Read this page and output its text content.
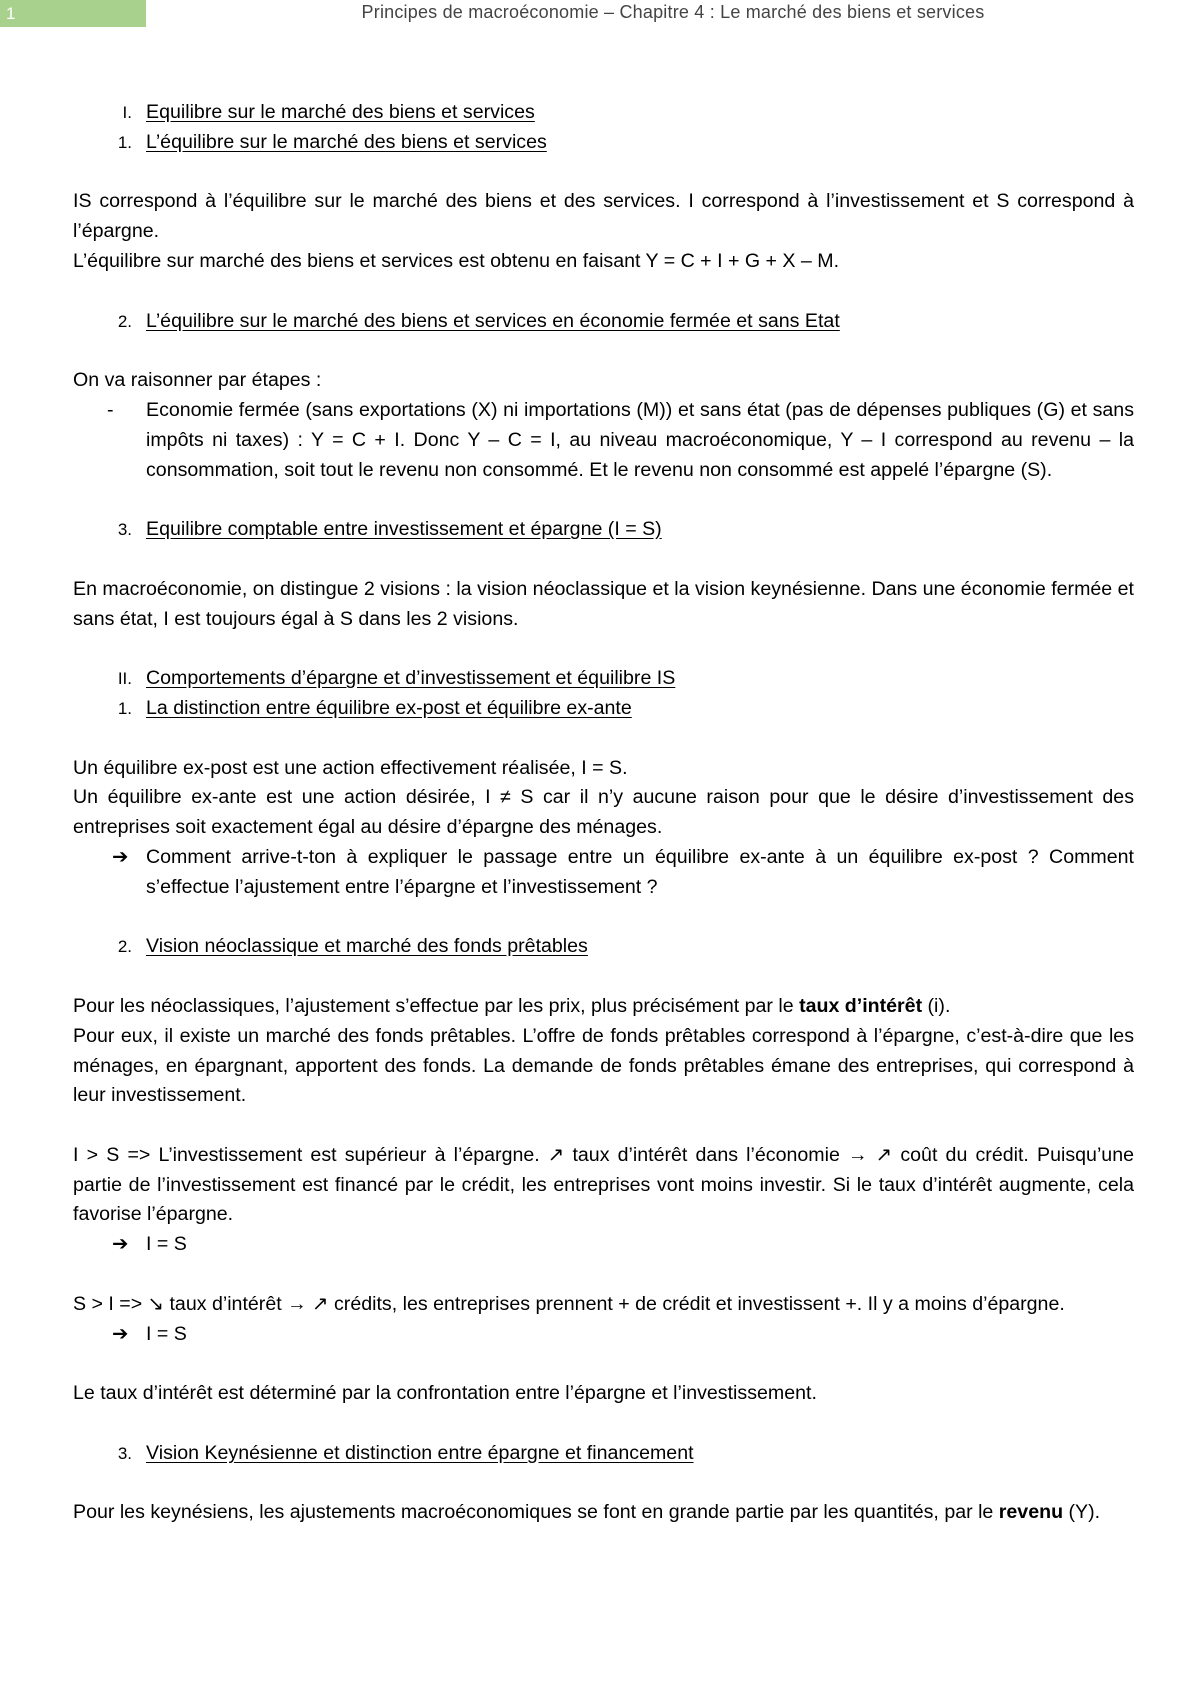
1	Principes de macroéconomie – Chapitre 4 : Le marché des biens et services
I. Equilibre sur le marché des biens et services
1. L’équilibre sur le marché des biens et services

IS correspond à l’équilibre sur le marché des biens et des services. I correspond à l’investissement et S correspond à l’épargne.

L’équilibre sur marché des biens et services est obtenu en faisant Y = C + I + G + X – M.

2. L’équilibre sur le marché des biens et services en économie fermée et sans Etat

On va raisonner par étapes :

- Economie fermée (sans exportations (X) ni importations (M)) et sans état (pas de dépenses publiques (G) et sans impôts ni taxes) : Y = C + I. Donc Y – C = I, au niveau macroéconomique, Y – I correspond au revenu – la consommation, soit tout le revenu non consommé. Et le revenu non consommé est appelé l’épargne (S).
3. Equilibre comptable entre investissement et épargne (I = S)

En macroéconomie, on distingue 2 visions : la vision néoclassique et la vision keynésienne. Dans une économie fermée et sans état, I est toujours égal à S dans les 2 visions.

II. Comportements d’épargne et d’investissement et équilibre IS
1. La distinction entre équilibre ex-post et équilibre ex-ante

Un équilibre ex-post est une action effectivement réalisée, I = S.

Un équilibre ex-ante est une action désirée, I ≠ S car il n’y aucune raison pour que le désire d’investissement des entreprises soit exactement égal au désire d’épargne des ménages.

➔ Comment arrive-t-ton à expliquer le passage entre un équilibre ex-ante à un équilibre ex-post ? Comment s’effectue l’ajustement entre l’épargne et l’investissement ?
2. Vision néoclassique et marché des fonds prêtables

Pour les néoclassiques, l’ajustement s’effectue par les prix, plus précisément par le taux d’intérêt (i).

Pour eux, il existe un marché des fonds prêtables. L’offre de fonds prêtables correspond à l’épargne, c’est-à-dire que les ménages, en épargnant, apportent des fonds. La demande de fonds prêtables émane des entreprises, qui correspond à leur investissement.

I > S => L’investissement est supérieur à l’épargne. ↗ taux d’intérêt dans l’économie → ↗ coût du crédit. Puisqu’une partie de l’investissement est financé par le crédit, les entreprises vont moins investir. Si le taux d’intérêt augmente, cela favorise l’épargne.

➔ I = S

S > I => ↘ taux d’intérêt → ↗ crédits, les entreprises prennent + de crédit et investissent +. Il y a moins d’épargne.

➔ I = S

Le taux d’intérêt est déterminé par la confrontation entre l’épargne et l’investissement.

3. Vision Keynésienne et distinction entre épargne et financement

Pour les keynésiens, les ajustements macroéconomiques se font en grande partie par les quantités, par le revenu (Y).
